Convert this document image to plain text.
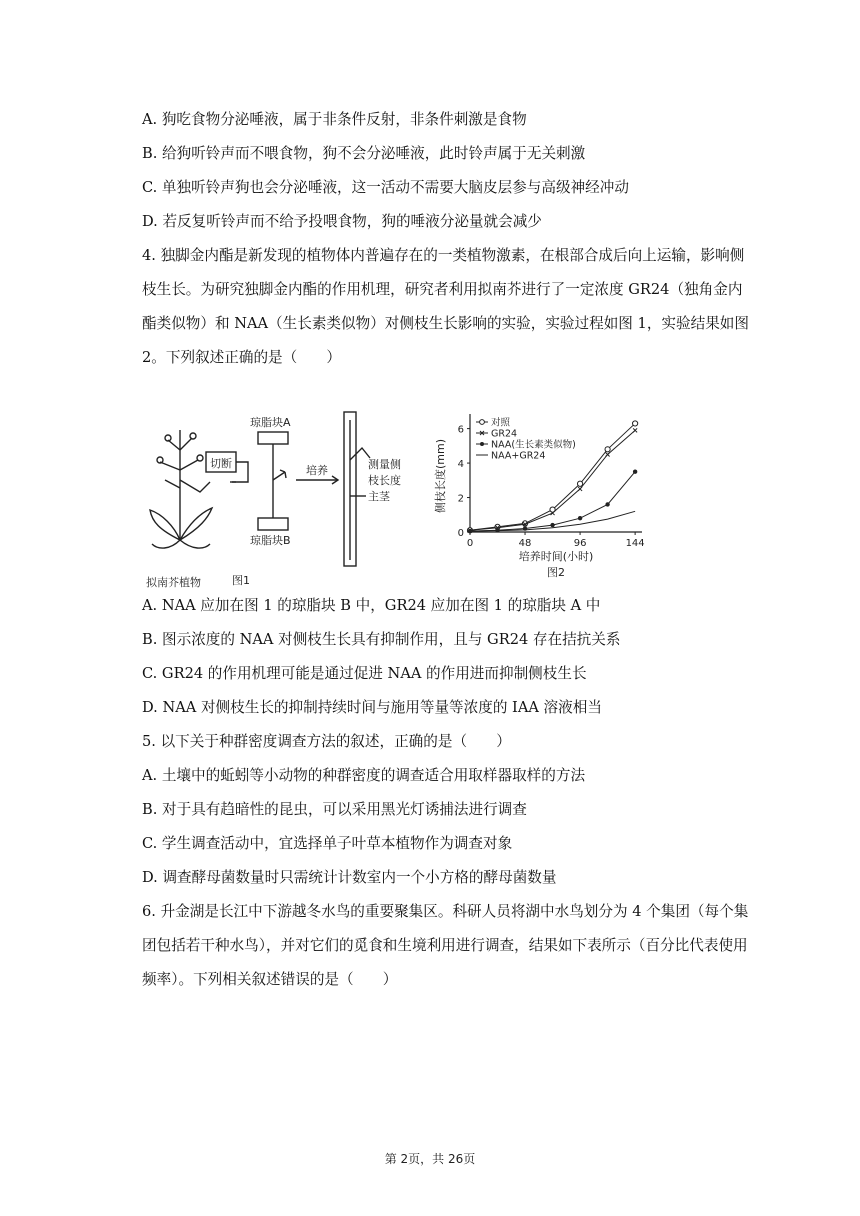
A. 狗吃食物分泌唾液，属于非条件反射，非条件刺激是食物
B. 给狗听铃声而不喂食物，狗不会分泌唾液，此时铃声属于无关刺激
C. 单独听铃声狗也会分泌唾液，这一活动不需要大脑皮层参与高级神经冲动
D. 若反复听铃声而不给予投喂食物，狗的唾液分泌量就会减少
4. 独脚金内酯是新发现的植物体内普遍存在的一类植物激素，在根部合成后向上运输，影响侧枝生长。为研究独脚金内酯的作用机理，研究者利用拟南芥进行了一定浓度 GR24（独角金内酯类似物）和 NAA（生长素类似物）对侧枝生长影响的实验，实验过程如图 1，实验结果如图 2。下列叙述正确的是（　　）
拟南芥植物
切断
琼脂块A
琼脂块B
培养	测量侧
枝长度
主茎
图1
0	48	96	144
0
2
4
6
培养时间(小时)
侧枝长度(mm)
图2
对照
GR24
NAA(生长素类似物)
NAA+GR24
A. NAA 应加在图 1 的琼脂块 B 中，GR24 应加在图 1 的琼脂块 A 中
B. 图示浓度的 NAA 对侧枝生长具有抑制作用，且与 GR24 存在拮抗关系
C. GR24 的作用机理可能是通过促进 NAA 的作用进而抑制侧枝生长
D. NAA 对侧枝生长的抑制持续时间与施用等量等浓度的 IAA 溶液相当
5. 以下关于种群密度调查方法的叙述，正确的是（　　）
A. 土壤中的蚯蚓等小动物的种群密度的调查适合用取样器取样的方法
B. 对于具有趋暗性的昆虫，可以采用黑光灯诱捕法进行调查
C. 学生调查活动中，宜选择单子叶草本植物作为调查对象
D. 调查酵母菌数量时只需统计计数室内一个小方格的酵母菌数量
6. 升金湖是长江中下游越冬水鸟的重要聚集区。科研人员将湖中水鸟划分为 4 个集团（每个集团包括若干种水鸟），并对它们的觅食和生境利用进行调查，结果如下表所示（百分比代表使用频率）。下列相关叙述错误的是（　　）
第 2页，共 26页
